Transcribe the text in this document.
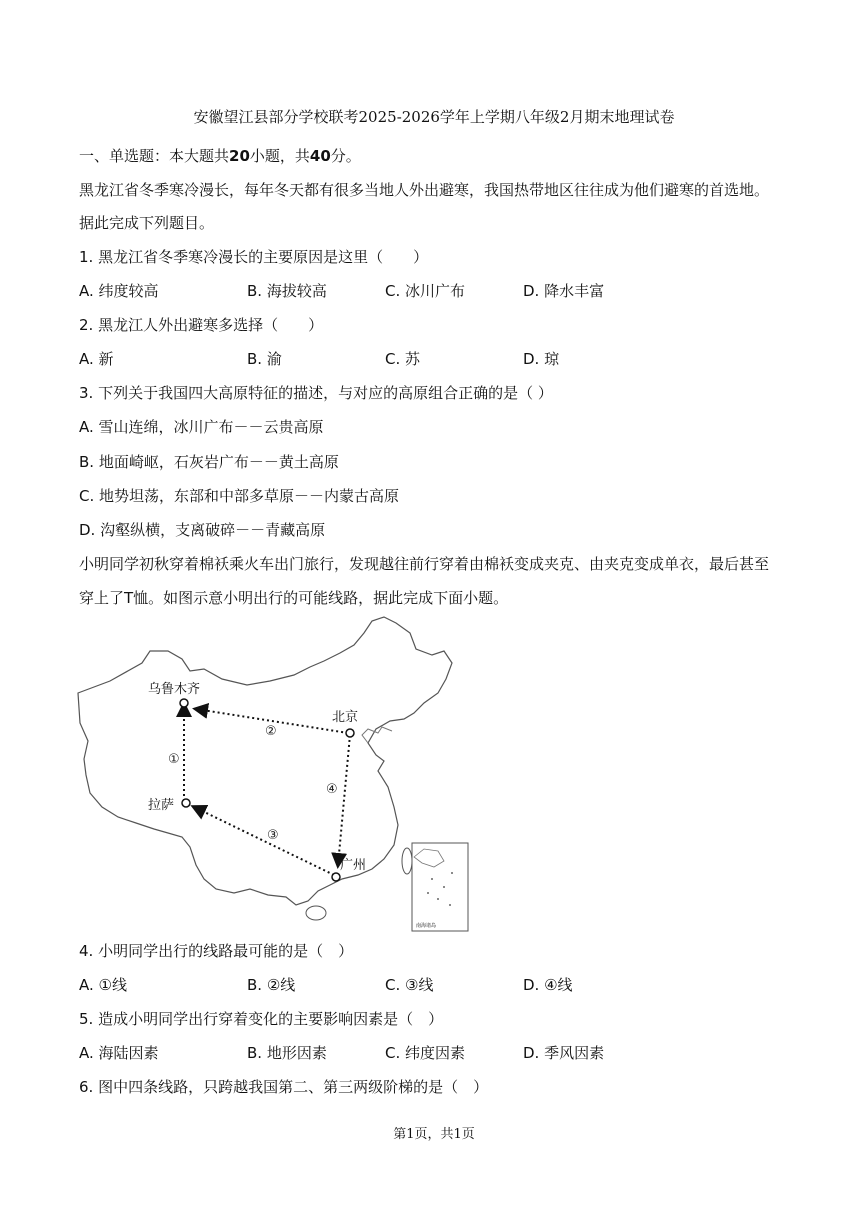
安徽望江县部分学校联考2025-2026学年上学期八年级2月期末地理试卷
一、单选题：本大题共20小题，共40分。
黑龙江省冬季寒冷漫长，每年冬天都有很多当地人外出避寒，我国热带地区往往成为他们避寒的首选地。
据此完成下列题目。
1. 黑龙江省冬季寒冷漫长的主要原因是这里（　　）
A. 纬度较高	B. 海拔较高	C. 冰川广布	D. 降水丰富
2. 黑龙江人外出避寒多选择（　　）
A. 新	B. 渝	C. 苏	D. 琼
3. 下列关于我国四大高原特征的描述，与对应的高原组合正确的是（ ）
A. 雪山连绵，冰川广布－－云贵高原
B. 地面崎岖，石灰岩广布－－黄土高原
C. 地势坦荡，东部和中部多草原－－内蒙古高原
D. 沟壑纵横，支离破碎－－青藏高原
小明同学初秋穿着棉袄乘火车出门旅行，发现越往前行穿着由棉袄变成夹克、由夹克变成单衣，最后甚至
穿上了T恤。如图示意小明出行的可能线路，据此完成下面小题。
南海诸岛
乌鲁木齐
北京
拉萨
广州
①
②
③
④
4. 小明同学出行的线路最可能的是（　）
A. ①线	B. ②线	C. ③线	D. ④线
5. 造成小明同学出行穿着变化的主要影响因素是（　）
A. 海陆因素	B. 地形因素	C. 纬度因素	D. 季风因素
6. 图中四条线路，只跨越我国第二、第三两级阶梯的是（　）
第1页，共1页
